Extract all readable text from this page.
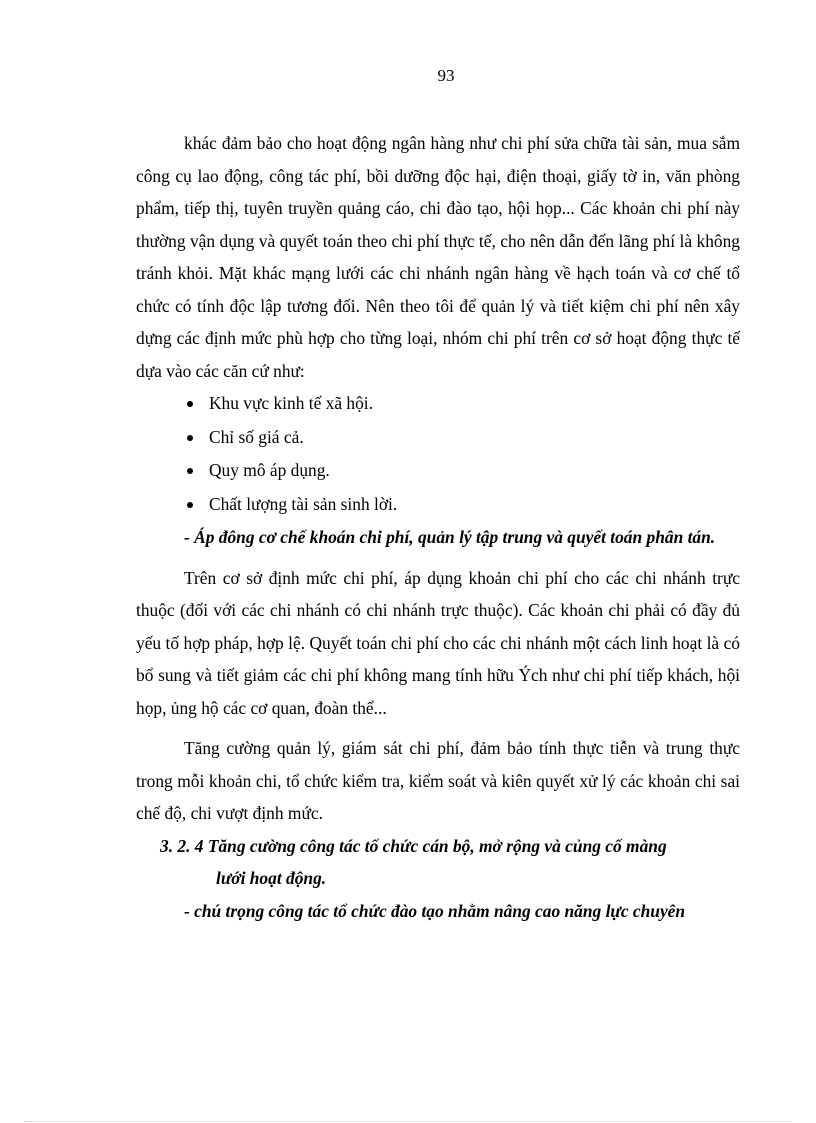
93

khác đảm bảo cho hoạt động ngân hàng như chi phí sửa chữa tài sản, mua sắm công cụ lao động, công tác phí, bồi dưỡng độc hại, điện thoại, giấy tờ in, văn phòng phẩm, tiếp thị, tuyên truyền quảng cáo, chi đào tạo, hội họp... Các khoản chi phí này thường vận dụng và quyết toán theo chi phí thực tế, cho nên dẫn đến lãng phí là không tránh khỏi. Mặt khác mạng lưới các chi nhánh ngân hàng về hạch toán và cơ chế tổ chức có tính độc lập tương đối. Nên theo tôi để quản lý và tiết kiệm chi phí nên xây dựng các định mức phù hợp cho từng loại, nhóm chi phí trên cơ sở hoạt động thực tế dựa vào các căn cứ như:

Khu vực kinh tế xã hội.
Chỉ số giá cả.
Quy mô áp dụng.
Chất lượng tài sản sinh lời.

- Áp đông cơ chế khoán chi phí, quản lý tập trung và quyết toán phân tán.

Trên cơ sở định mức chi phí, áp dụng khoản chi phí cho các chi nhánh trực thuộc (đối với các chi nhánh có chi nhánh trực thuộc). Các khoản chi phải có đầy đủ yếu tố hợp pháp, hợp lệ. Quyết toán chi phí cho các chi nhánh một cách linh hoạt là có bổ sung và tiết giảm các chi phí không mang tính hữu Ých như chi phí tiếp khách, hội họp, ủng hộ các cơ quan, đoàn thể...

Tăng cường quản lý, giám sát chi phí, đảm bảo tính thực tiễn và trung thực trong mỗi khoản chi, tổ chức kiểm tra, kiểm soát và kiên quyết xử lý các khoản chi sai chế độ, chi vượt định mức.

3. 2. 4 Tăng cường công tác tổ chức cán bộ, mở rộng và củng cố màng
lưới hoạt động.

- chú trọng công tác tổ chức đào tạo nhằm nâng cao năng lực chuyên
